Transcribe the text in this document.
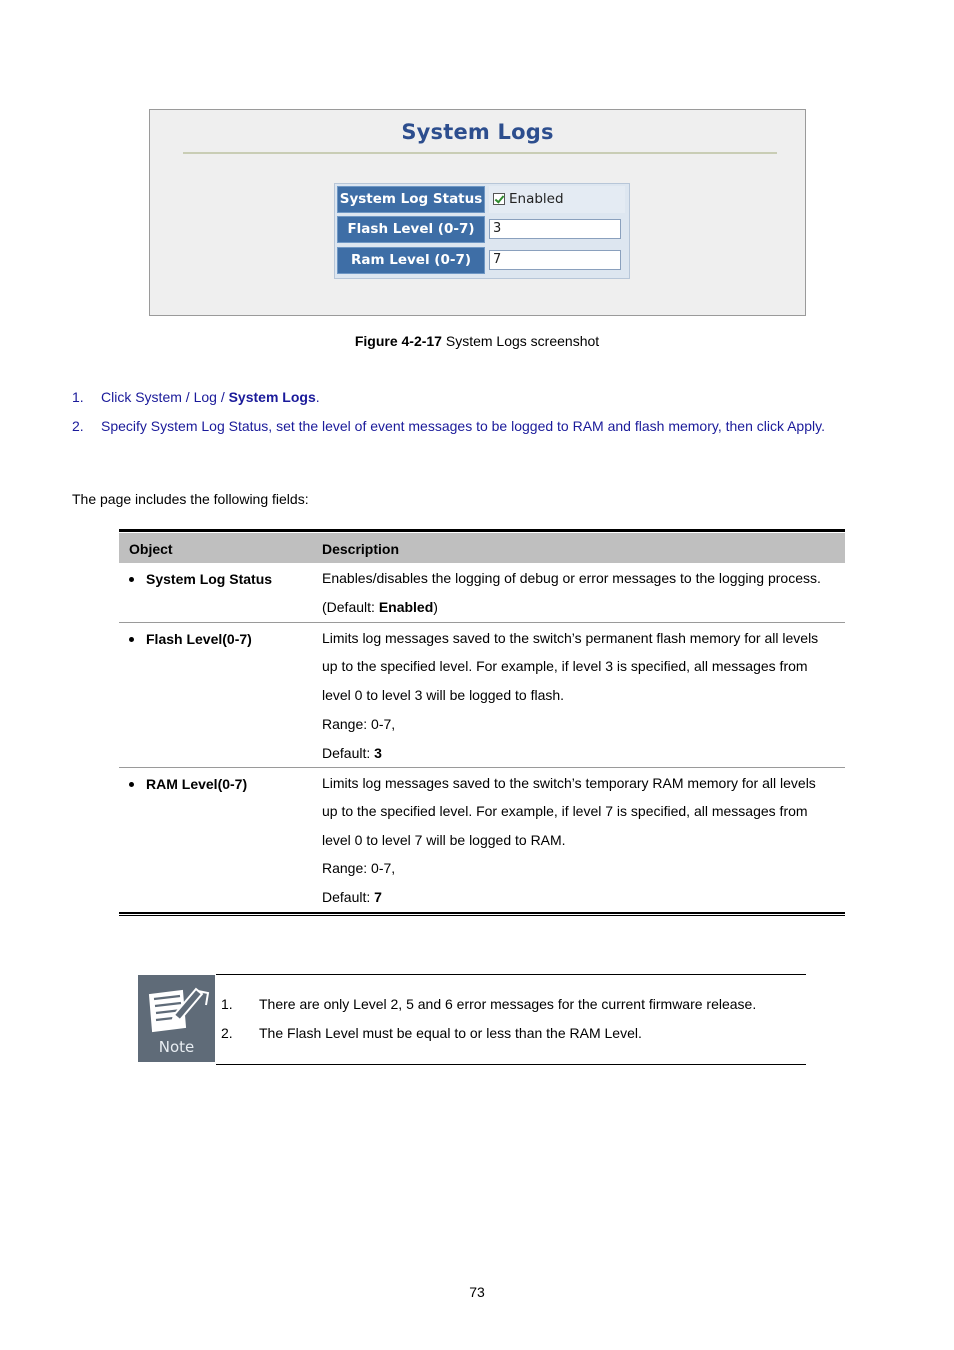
System Logs
System Log Status Enabled
Flash Level (0-7)	3
Ram Level (0-7)	7
Figure 4-2-17 System Logs screenshot
1. Click System / Log / System Logs.
2. Specify System Log Status, set the level of event messages to be logged to RAM and flash memory, then click Apply.
The page includes the following fields:
Object	Description
System Log Status	Enables/disables the logging of debug or error messages to the logging process.
(Default: Enabled)
Flash Level(0-7)	Limits log messages saved to the switch’s permanent flash memory for all levels
up to the specified level. For example, if level 3 is specified, all messages from
level 0 to level 3 will be logged to flash.
Range: 0-7,
Default: 3
RAM Level(0-7)	Limits log messages saved to the switch’s temporary RAM memory for all levels
up to the specified level. For example, if level 7 is specified, all messages from
level 0 to level 7 will be logged to RAM.
Range: 0-7,
Default: 7
Note
1. There are only Level 2, 5 and 6 error messages for the current firmware release.
2. The Flash Level must be equal to or less than the RAM Level.
73
